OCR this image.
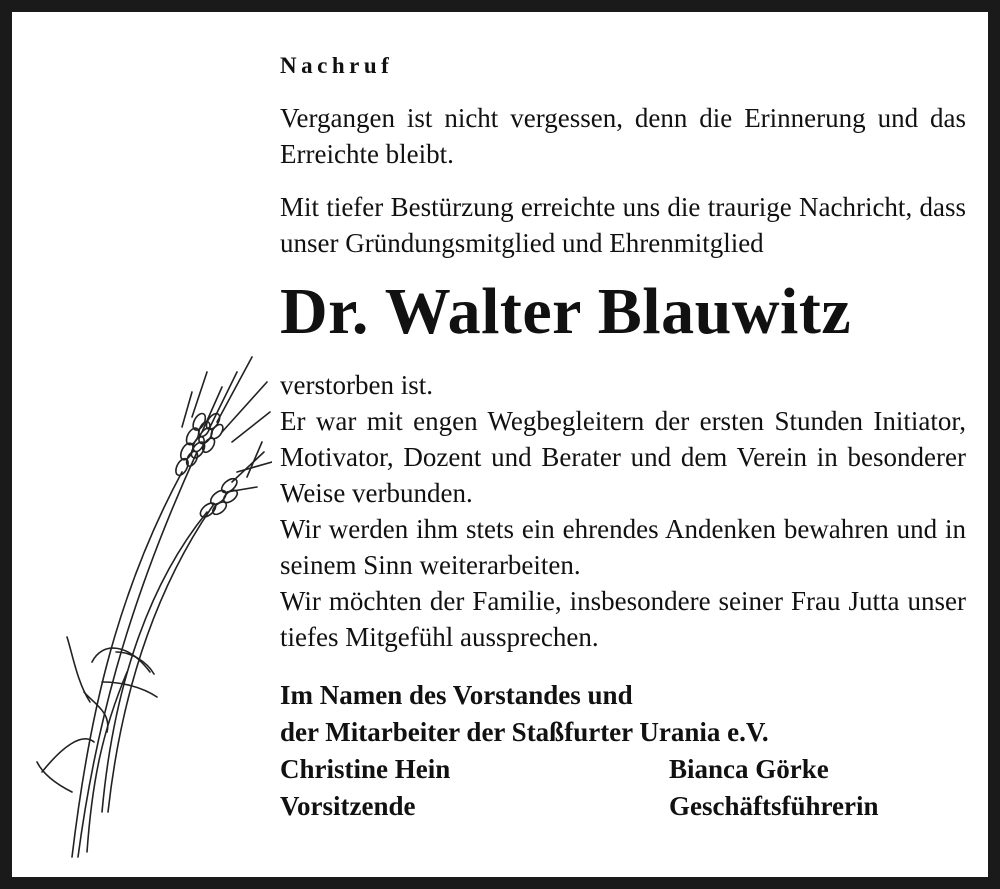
Nachruf

Vergangen ist nicht vergessen, denn die Erinnerung und das Erreichte bleibt.

Mit tiefer Bestürzung erreichte uns die traurige Nachricht, dass unser Gründungsmitglied und Ehrenmitglied

Dr. Walter Blauwitz

verstorben ist.

Er war mit engen Wegbegleitern der ersten Stunden Initiator, Motivator, Dozent und Berater und dem Verein in besonderer Weise verbunden.

Wir werden ihm stets ein ehrendes Andenken bewahren und in seinem Sinn weiterarbeiten.

Wir möchten der Familie, insbesondere seiner Frau Jutta unser tiefes Mitgefühl aussprechen.

Im Namen des Vorstandes und
der Mitarbeiter der Staßfurter Urania e.V.
Christine Hein	Bianca Görke
Vorsitzende	Geschäftsführerin
